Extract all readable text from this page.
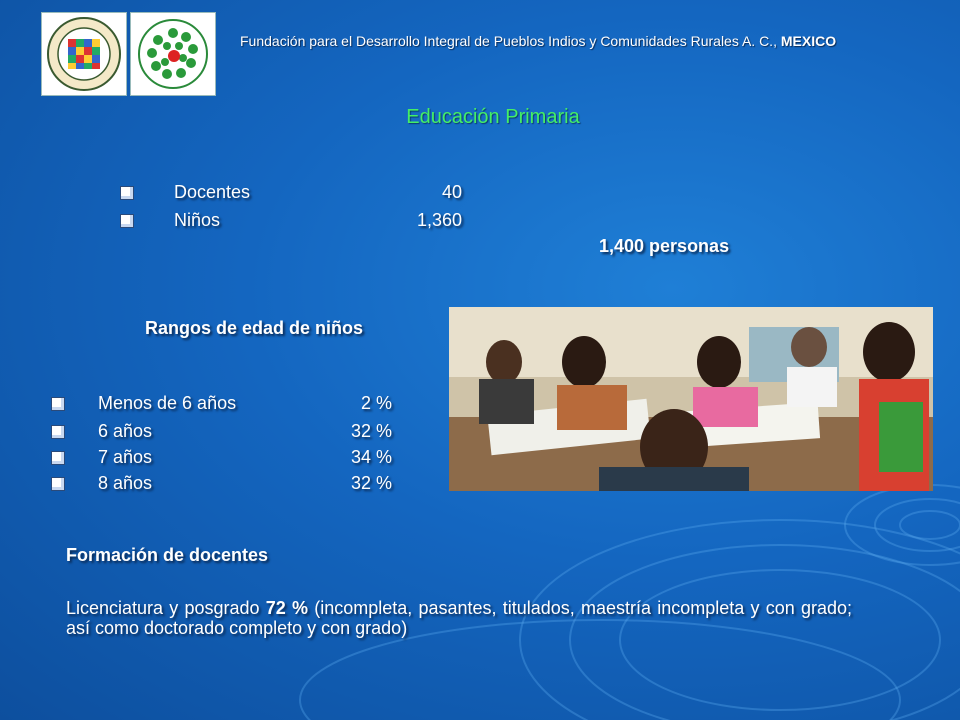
Fundación para el Desarrollo Integral de Pueblos Indios y Comunidades Rurales A. C., MEXICO
Educación Primaria
Docentes	40
Niños	1,360
1,400 personas
Rangos de edad de niños
Menos de 6 años	2 %
6 años	32 %
7 años	34 %
8 años	32 %
Formación de docentes
Licenciatura y posgrado 72 % (incompleta, pasantes, titulados, maestría incompleta y con grado; así como doctorado completo y con grado)
